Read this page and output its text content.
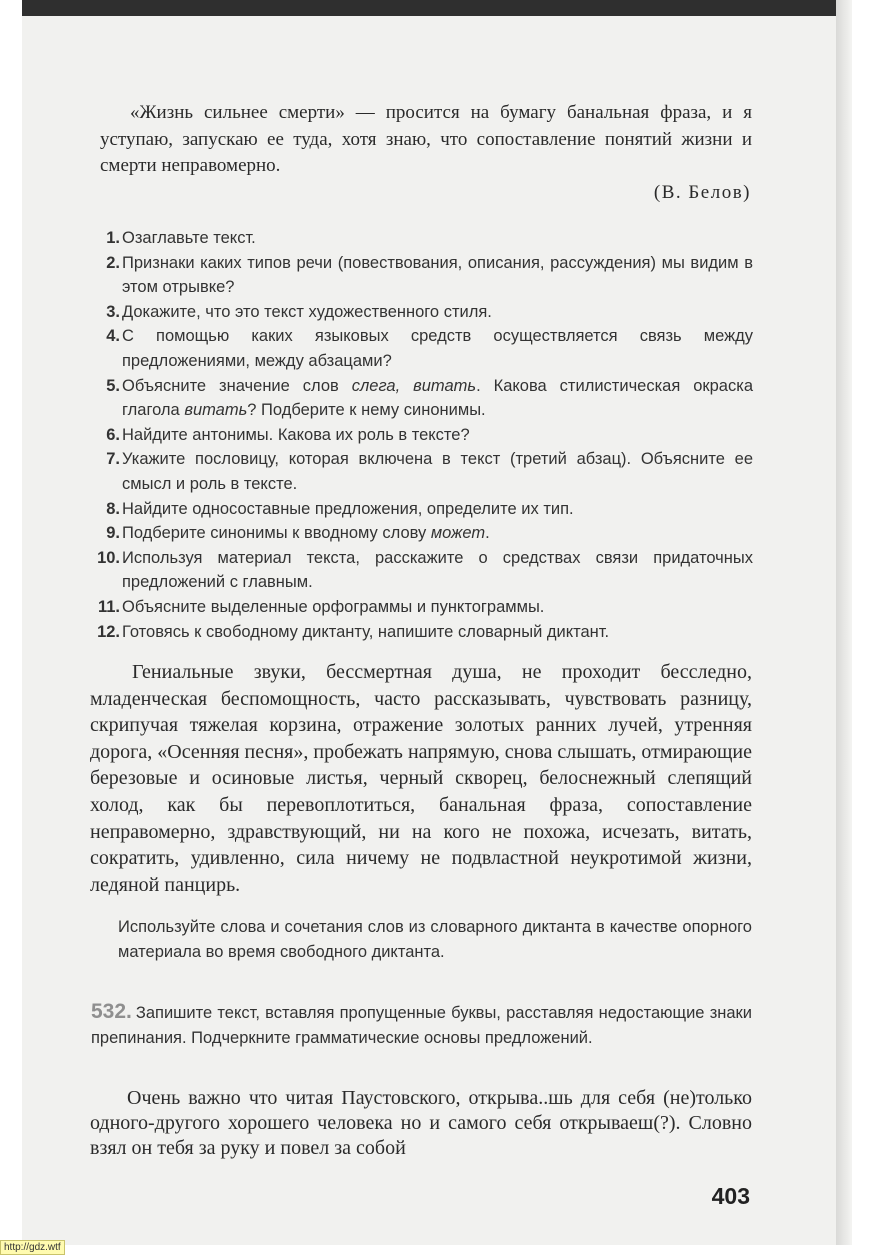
«Жизнь сильнее смерти» — просится на бумагу банальная фраза, и я уступаю, запускаю ее туда, хотя знаю, что сопоставление понятий жизни и смерти неправомерно.

(В. Белов)
1. Озаглавьте текст.
2. Признаки каких типов речи (повествования, описания, рассуждения) мы видим в этом отрывке?
3. Докажите, что это текст художественного стиля.
4. С помощью каких языковых средств осуществляется связь между предложениями, между абзацами?
5. Объясните значение слов слега, витать. Какова стилистическая окраска глагола витать? Подберите к нему синонимы.
6. Найдите антонимы. Какова их роль в тексте?
7. Укажите пословицу, которая включена в текст (третий абзац). Объясните ее смысл и роль в тексте.
8. Найдите односоставные предложения, определите их тип.
9. Подберите синонимы к вводному слову может.
10. Используя материал текста, расскажите о средствах связи придаточных предложений с главным.
11. Объясните выделенные орфограммы и пунктограммы.
12. Готовясь к свободному диктанту, напишите словарный диктант.

Гениальные звуки, бессмертная душа, не проходит бесследно, младенческая беспомощность, часто рассказывать, чувствовать разницу, скрипучая тяжелая корзина, отражение золотых ранних лучей, утренняя дорога, «Осенняя песня», пробежать напрямую, снова слышать, отмирающие березовые и осиновые листья, черный скворец, белоснежный слепящий холод, как бы перевоплотиться, банальная фраза, сопоставление неправомерно, здравствующий, ни на кого не похожа, исчезать, витать, сократить, удивленно, сила ничему не подвластной неукротимой жизни, ледяной панцирь.

Используйте слова и сочетания слов из словарного диктанта в качестве опорного материала во время свободного диктанта.

532. Запишите текст, вставляя пропущенные буквы, расставляя недостающие знаки препинания. Подчеркните грамматические основы предложений.

Очень важно что читая Паустовского, открыва..шь для себя (не)только одного-другого хорошего человека но и самого себя открываеш(?). Словно взял он тебя за руку и повел за собой

403
http://gdz.wtf
